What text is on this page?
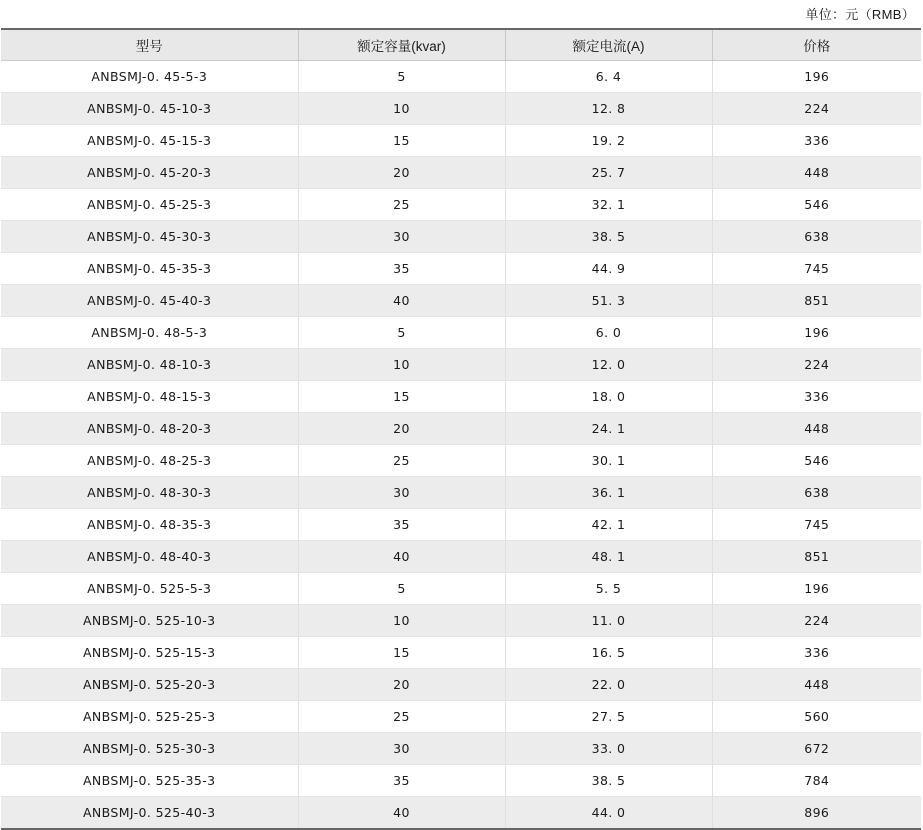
单位：元（RMB）
型号	额定容量(kvar)	额定电流(A)	价格
ANBSMJ-0. 45-5-3	5	6. 4	196
ANBSMJ-0. 45-10-3	10	12. 8	224
ANBSMJ-0. 45-15-3	15	19. 2	336
ANBSMJ-0. 45-20-3	20	25. 7	448
ANBSMJ-0. 45-25-3	25	32. 1	546
ANBSMJ-0. 45-30-3	30	38. 5	638
ANBSMJ-0. 45-35-3	35	44. 9	745
ANBSMJ-0. 45-40-3	40	51. 3	851
ANBSMJ-0. 48-5-3	5	6. 0	196
ANBSMJ-0. 48-10-3	10	12. 0	224
ANBSMJ-0. 48-15-3	15	18. 0	336
ANBSMJ-0. 48-20-3	20	24. 1	448
ANBSMJ-0. 48-25-3	25	30. 1	546
ANBSMJ-0. 48-30-3	30	36. 1	638
ANBSMJ-0. 48-35-3	35	42. 1	745
ANBSMJ-0. 48-40-3	40	48. 1	851
ANBSMJ-0. 525-5-3	5	5. 5	196
ANBSMJ-0. 525-10-3	10	11. 0	224
ANBSMJ-0. 525-15-3	15	16. 5	336
ANBSMJ-0. 525-20-3	20	22. 0	448
ANBSMJ-0. 525-25-3	25	27. 5	560
ANBSMJ-0. 525-30-3	30	33. 0	672
ANBSMJ-0. 525-35-3	35	38. 5	784
ANBSMJ-0. 525-40-3	40	44. 0	896
